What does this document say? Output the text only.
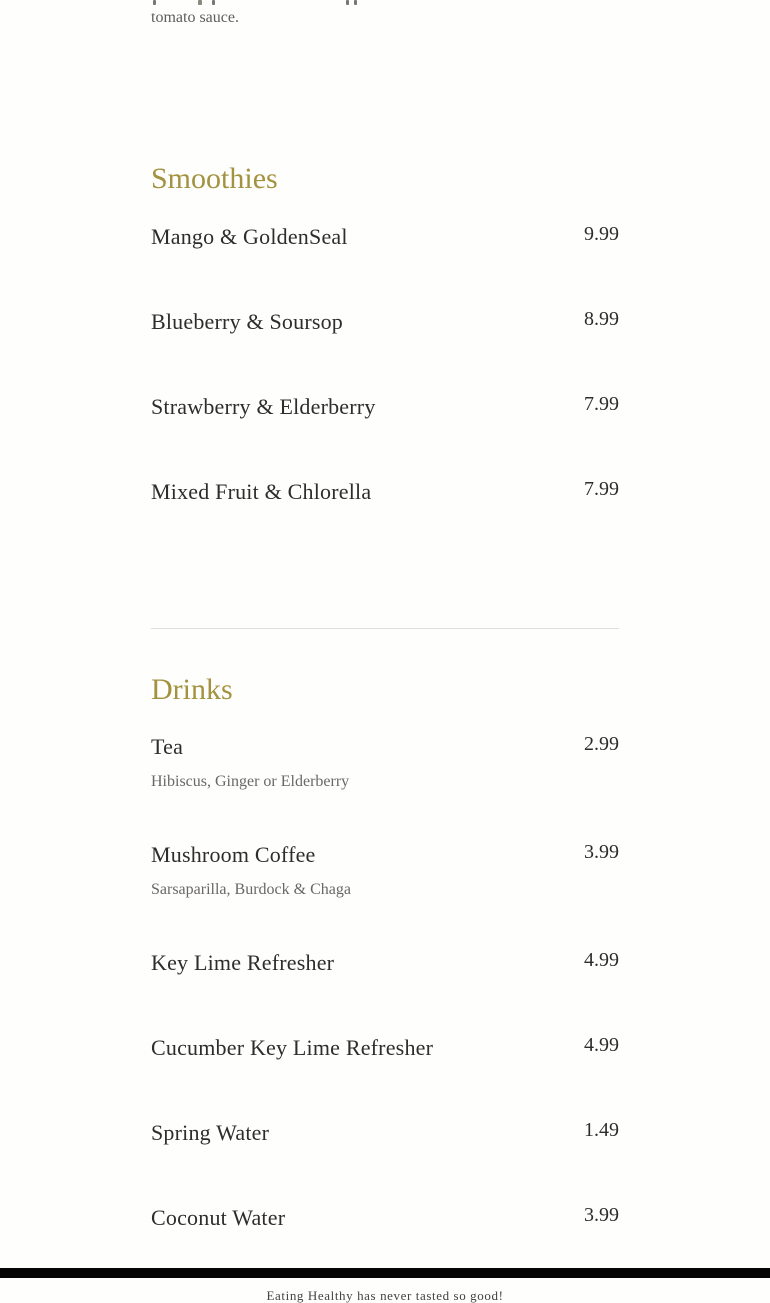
tomato sauce.
Smoothies
Mango & GoldenSeal	9.99
Blueberry & Soursop	8.99
Strawberry & Elderberry	7.99
Mixed Fruit & Chlorella	7.99
Drinks
Tea	2.99

Hibiscus, Ginger or Elderberry

Mushroom Coffee	3.99

Sarsaparilla, Burdock & Chaga

Key Lime Refresher	4.99
Cucumber Key Lime Refresher	4.99
Spring Water	1.49
Coconut Water	3.99
Eating Healthy has never tasted so good!
